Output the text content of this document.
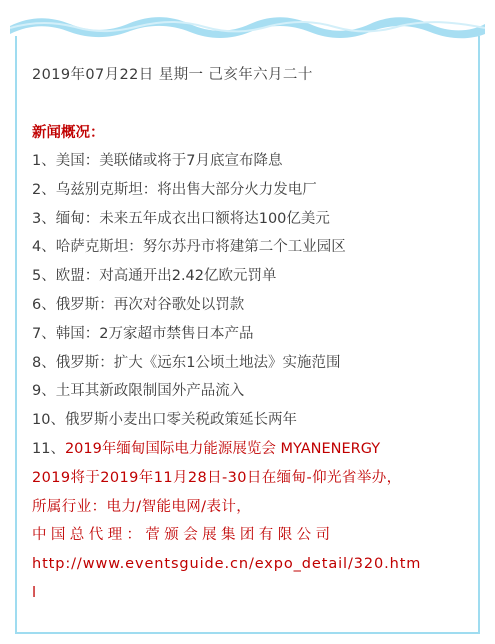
2019年07月22日 星期一 己亥年六月二十
新闻概况：
1、美国：美联储或将于7月底宣布降息
2、乌兹别克斯坦：将出售大部分火力发电厂
3、缅甸：未来五年成衣出口额将达100亿美元
4、哈萨克斯坦：努尔苏丹市将建第二个工业园区
5、欧盟：对高通开出2.42亿欧元罚单
6、俄罗斯：再次对谷歌处以罚款
7、韩国：2万家超市禁售日本产品
8、俄罗斯：扩大《远东1公顷土地法》实施范围
9、土耳其新政限制国外产品流入
10、俄罗斯小麦出口零关税政策延长两年
11、2019年缅甸国际电力能源展览会 MYANENERGY
2019将于2019年11月28日-30日在缅甸-仰光省举办，
所属行业：电力/智能电网/表计，
中国总代理：菅颁会展集团有限公司
http://www.eventsguide.cn/expo_detail/320.htm
l
